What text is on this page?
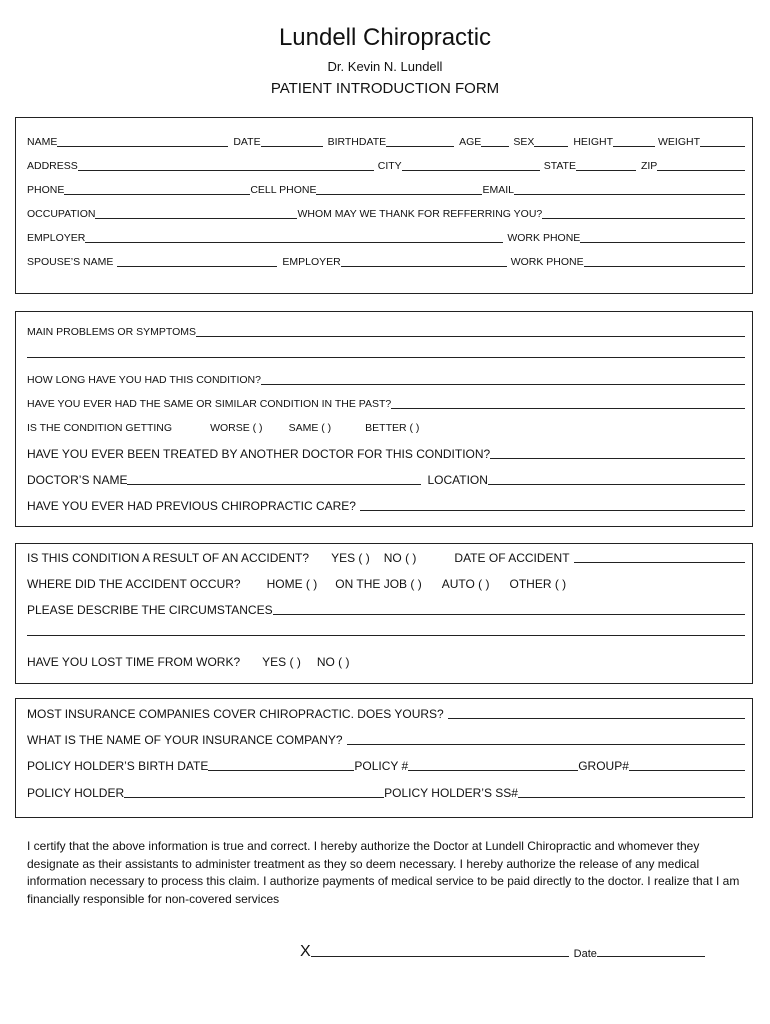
Lundell Chiropractic
Dr. Kevin N. Lundell
PATIENT INTRODUCTION FORM
NAME	DATE	BIRTHDATE	AGE	SEX	HEIGHT	WEIGHT
ADDRESS	CITY	STATE	ZIP
PHONE	CELL PHONE	EMAIL
OCCUPATION	WHOM MAY WE THANK FOR REFFERRING YOU?
EMPLOYER	WORK PHONE
SPOUSE’S NAME	EMPLOYER	WORK PHONE
MAIN PROBLEMS OR SYMPTOMS
HOW LONG HAVE YOU HAD THIS CONDITION?
HAVE YOU EVER HAD THE SAME OR SIMILAR CONDITION IN THE PAST?
IS THE CONDITION GETTING	WORSE ( ) SAME ( )	BETTER ( )
HAVE YOU EVER BEEN TREATED BY ANOTHER DOCTOR FOR THIS CONDITION?
DOCTOR’S NAME	LOCATION
HAVE YOU EVER HAD PREVIOUS CHIROPRACTIC CARE?
IS THIS CONDITION A RESULT OF AN ACCIDENT? YES ( ) NO ( )	DATE OF ACCIDENT
WHERE DID THE ACCIDENT OCCUR? HOME ( ) ON THE JOB ( ) AUTO ( ) OTHER ( )
PLEASE DESCRIBE THE CIRCUMSTANCES
HAVE YOU LOST TIME FROM WORK? YES ( ) NO ( )
MOST INSURANCE COMPANIES COVER CHIROPRACTIC. DOES YOURS?
WHAT IS THE NAME OF YOUR INSURANCE COMPANY?
POLICY HOLDER’S BIRTH DATE	POLICY #	GROUP#
POLICY HOLDER	POLICY HOLDER’S SS#
I certify that the above information is true and correct. I hereby authorize the Doctor at Lundell Chiropractic and whomever they designate as their assistants to administer treatment as they so deem necessary. I hereby authorize the release of any medical information necessary to process this claim. I authorize payments of medical service to be paid directly to the doctor. I realize that I am financially responsible for non-covered services
X	Date
